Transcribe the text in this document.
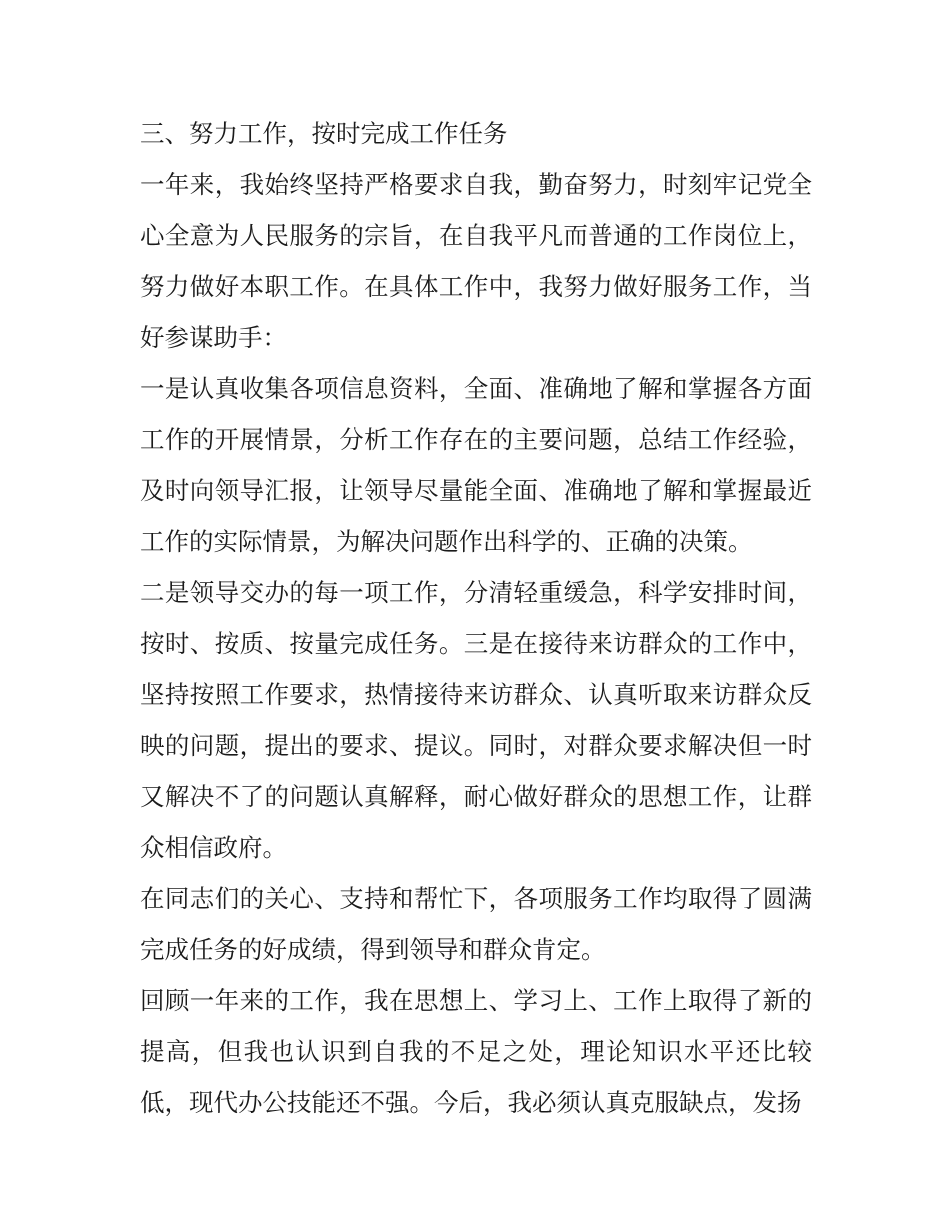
三、努力工作，按时完成工作任务

一年来，我始终坚持严格要求自我，勤奋努力，时刻牢记党全心全意为人民服务的宗旨，在自我平凡而普通的工作岗位上，努力做好本职工作。在具体工作中，我努力做好服务工作，当好参谋助手：

一是认真收集各项信息资料，全面、准确地了解和掌握各方面工作的开展情景，分析工作存在的主要问题，总结工作经验，及时向领导汇报，让领导尽量能全面、准确地了解和掌握最近工作的实际情景，为解决问题作出科学的、正确的决策。

二是领导交办的每一项工作，分清轻重缓急，科学安排时间，按时、按质、按量完成任务。三是在接待来访群众的工作中，坚持按照工作要求，热情接待来访群众、认真听取来访群众反映的问题，提出的要求、提议。同时，对群众要求解决但一时又解决不了的问题认真解释，耐心做好群众的思想工作，让群众相信政府。

在同志们的关心、支持和帮忙下，各项服务工作均取得了圆满完成任务的好成绩，得到领导和群众肯定。

回顾一年来的工作，我在思想上、学习上、工作上取得了新的提高，但我也认识到自我的不足之处，理论知识水平还比较低，现代办公技能还不强。今后，我必须认真克服缺点，发扬
